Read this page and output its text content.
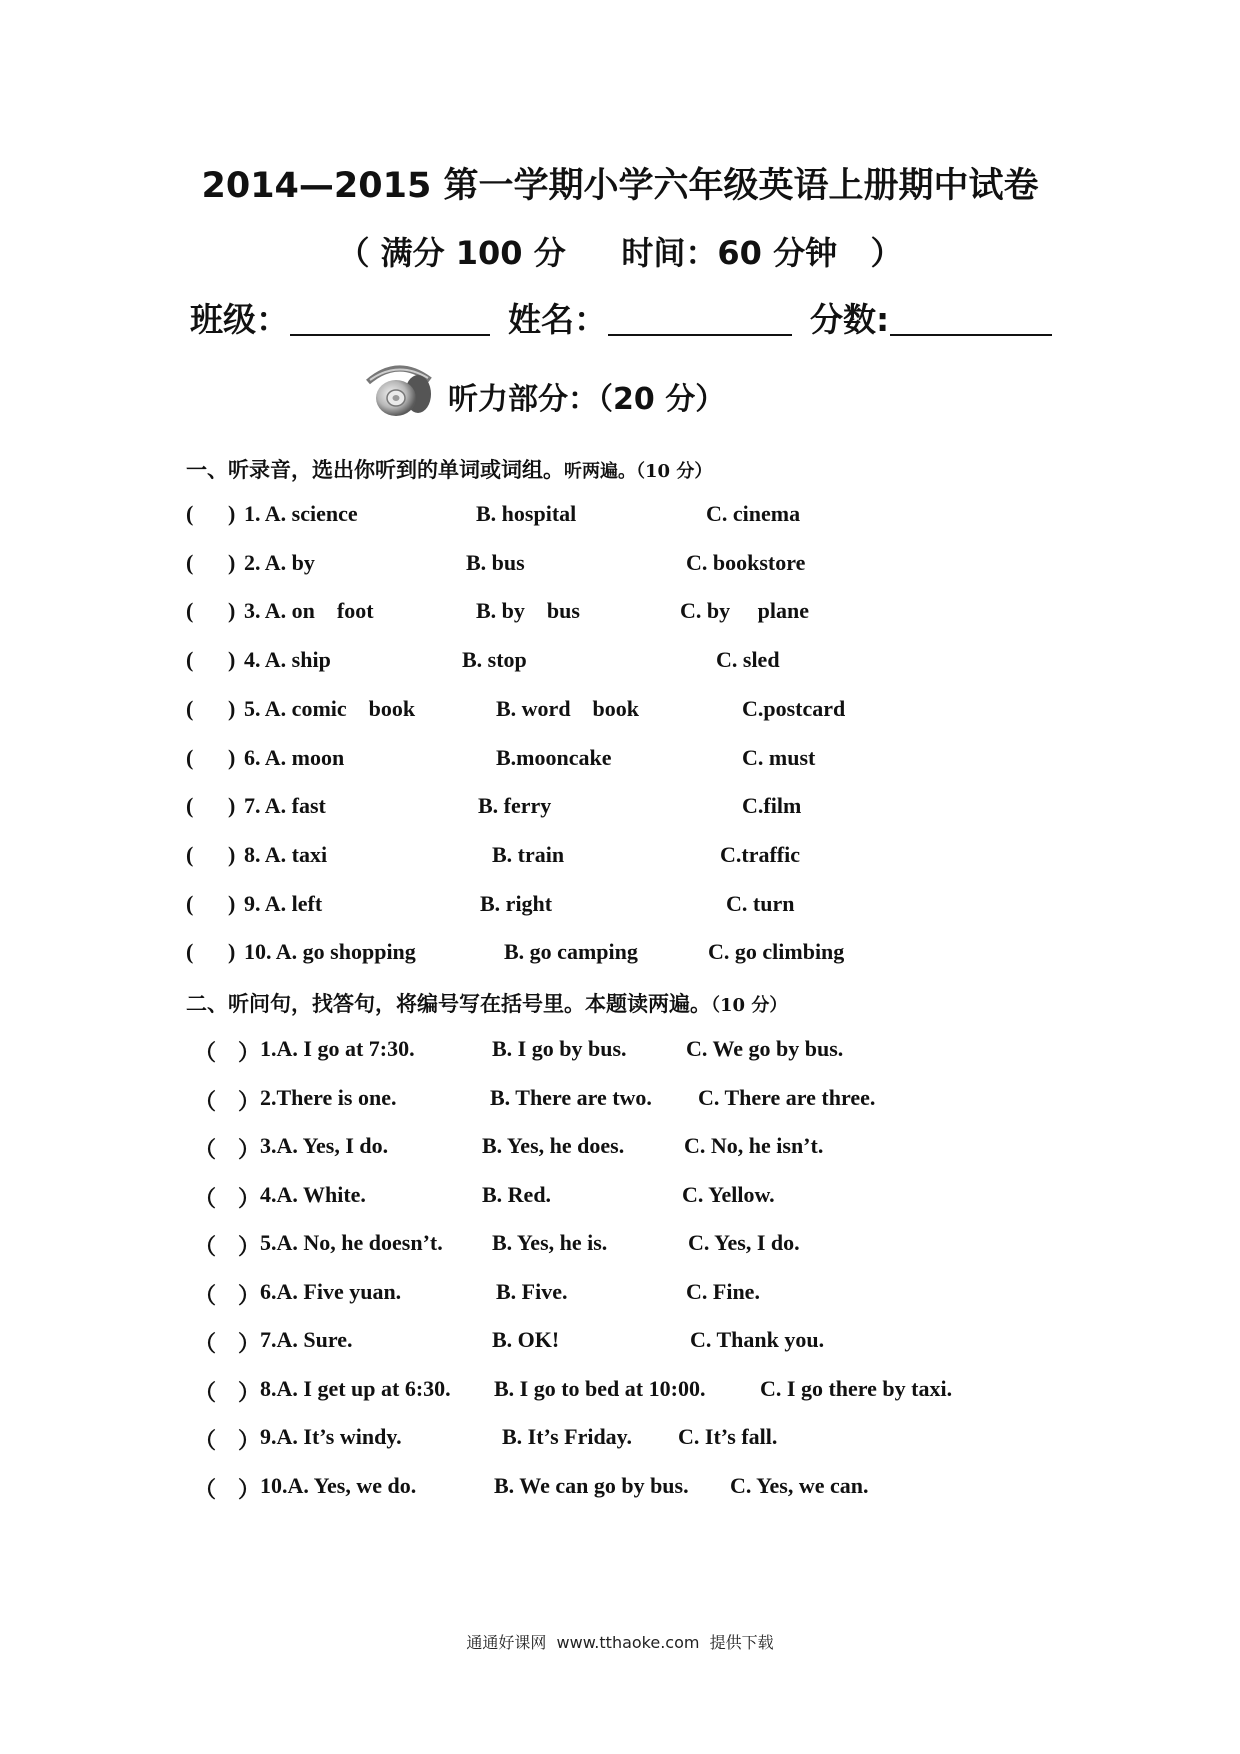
2014—2015 第一学期小学六年级英语上册期中试卷
（ 满分 100 分     时间：60 分钟   ）
班级：	姓名：	分数:
听力部分：（20 分）
一、听录音，选出你听到的单词或词组。听两遍。（10 分）
( ) 1. A. science	B. hospital	C. cinema
( ) 2. A. by	B. bus	C. bookstore
( ) 3. A. on    foot	B. by    bus	C. by     plane
( ) 4. A. ship	B. stop	C. sled
( ) 5. A. comic    book	B. word    book	C.postcard
( ) 6. A. moon	B.mooncake	C. must
( ) 7. A. fast	B. ferry	C.film
( ) 8. A. taxi	B. train	C.traffic
( ) 9. A. left	B. right	C. turn
( ) 10. A. go shopping	B. go camping	C. go climbing
二、听问句，找答句，将编号写在括号里。本题读两遍。（10 分）
（    ） 1.A. I go at 7:30.	B. I go by bus.	C. We go by bus.
（    ） 2.There is one.	B. There are two. C. There are three.
（    ） 3.A. Yes, I do.	B. Yes, he does.	C. No, he isn’t.
（    ） 4.A. White.	B. Red.	C. Yellow.
（    ） 5.A. No, he doesn’t. B. Yes, he is.	C. Yes, I do.
（    ） 6.A. Five yuan.	B. Five.	C. Fine.
（    ） 7.A. Sure.	B. OK!	C. Thank you.
（    ） 8.A. I get up at 6:30. B. I go to bed at 10:00. C. I go there by taxi.
（    ） 9.A. It’s windy.	B. It’s Friday. C. It’s fall.
（    ） 10.A. Yes, we do.	B. We can go by bus. C. Yes, we can.
通通好课网  www.tthaoke.com  提供下载
